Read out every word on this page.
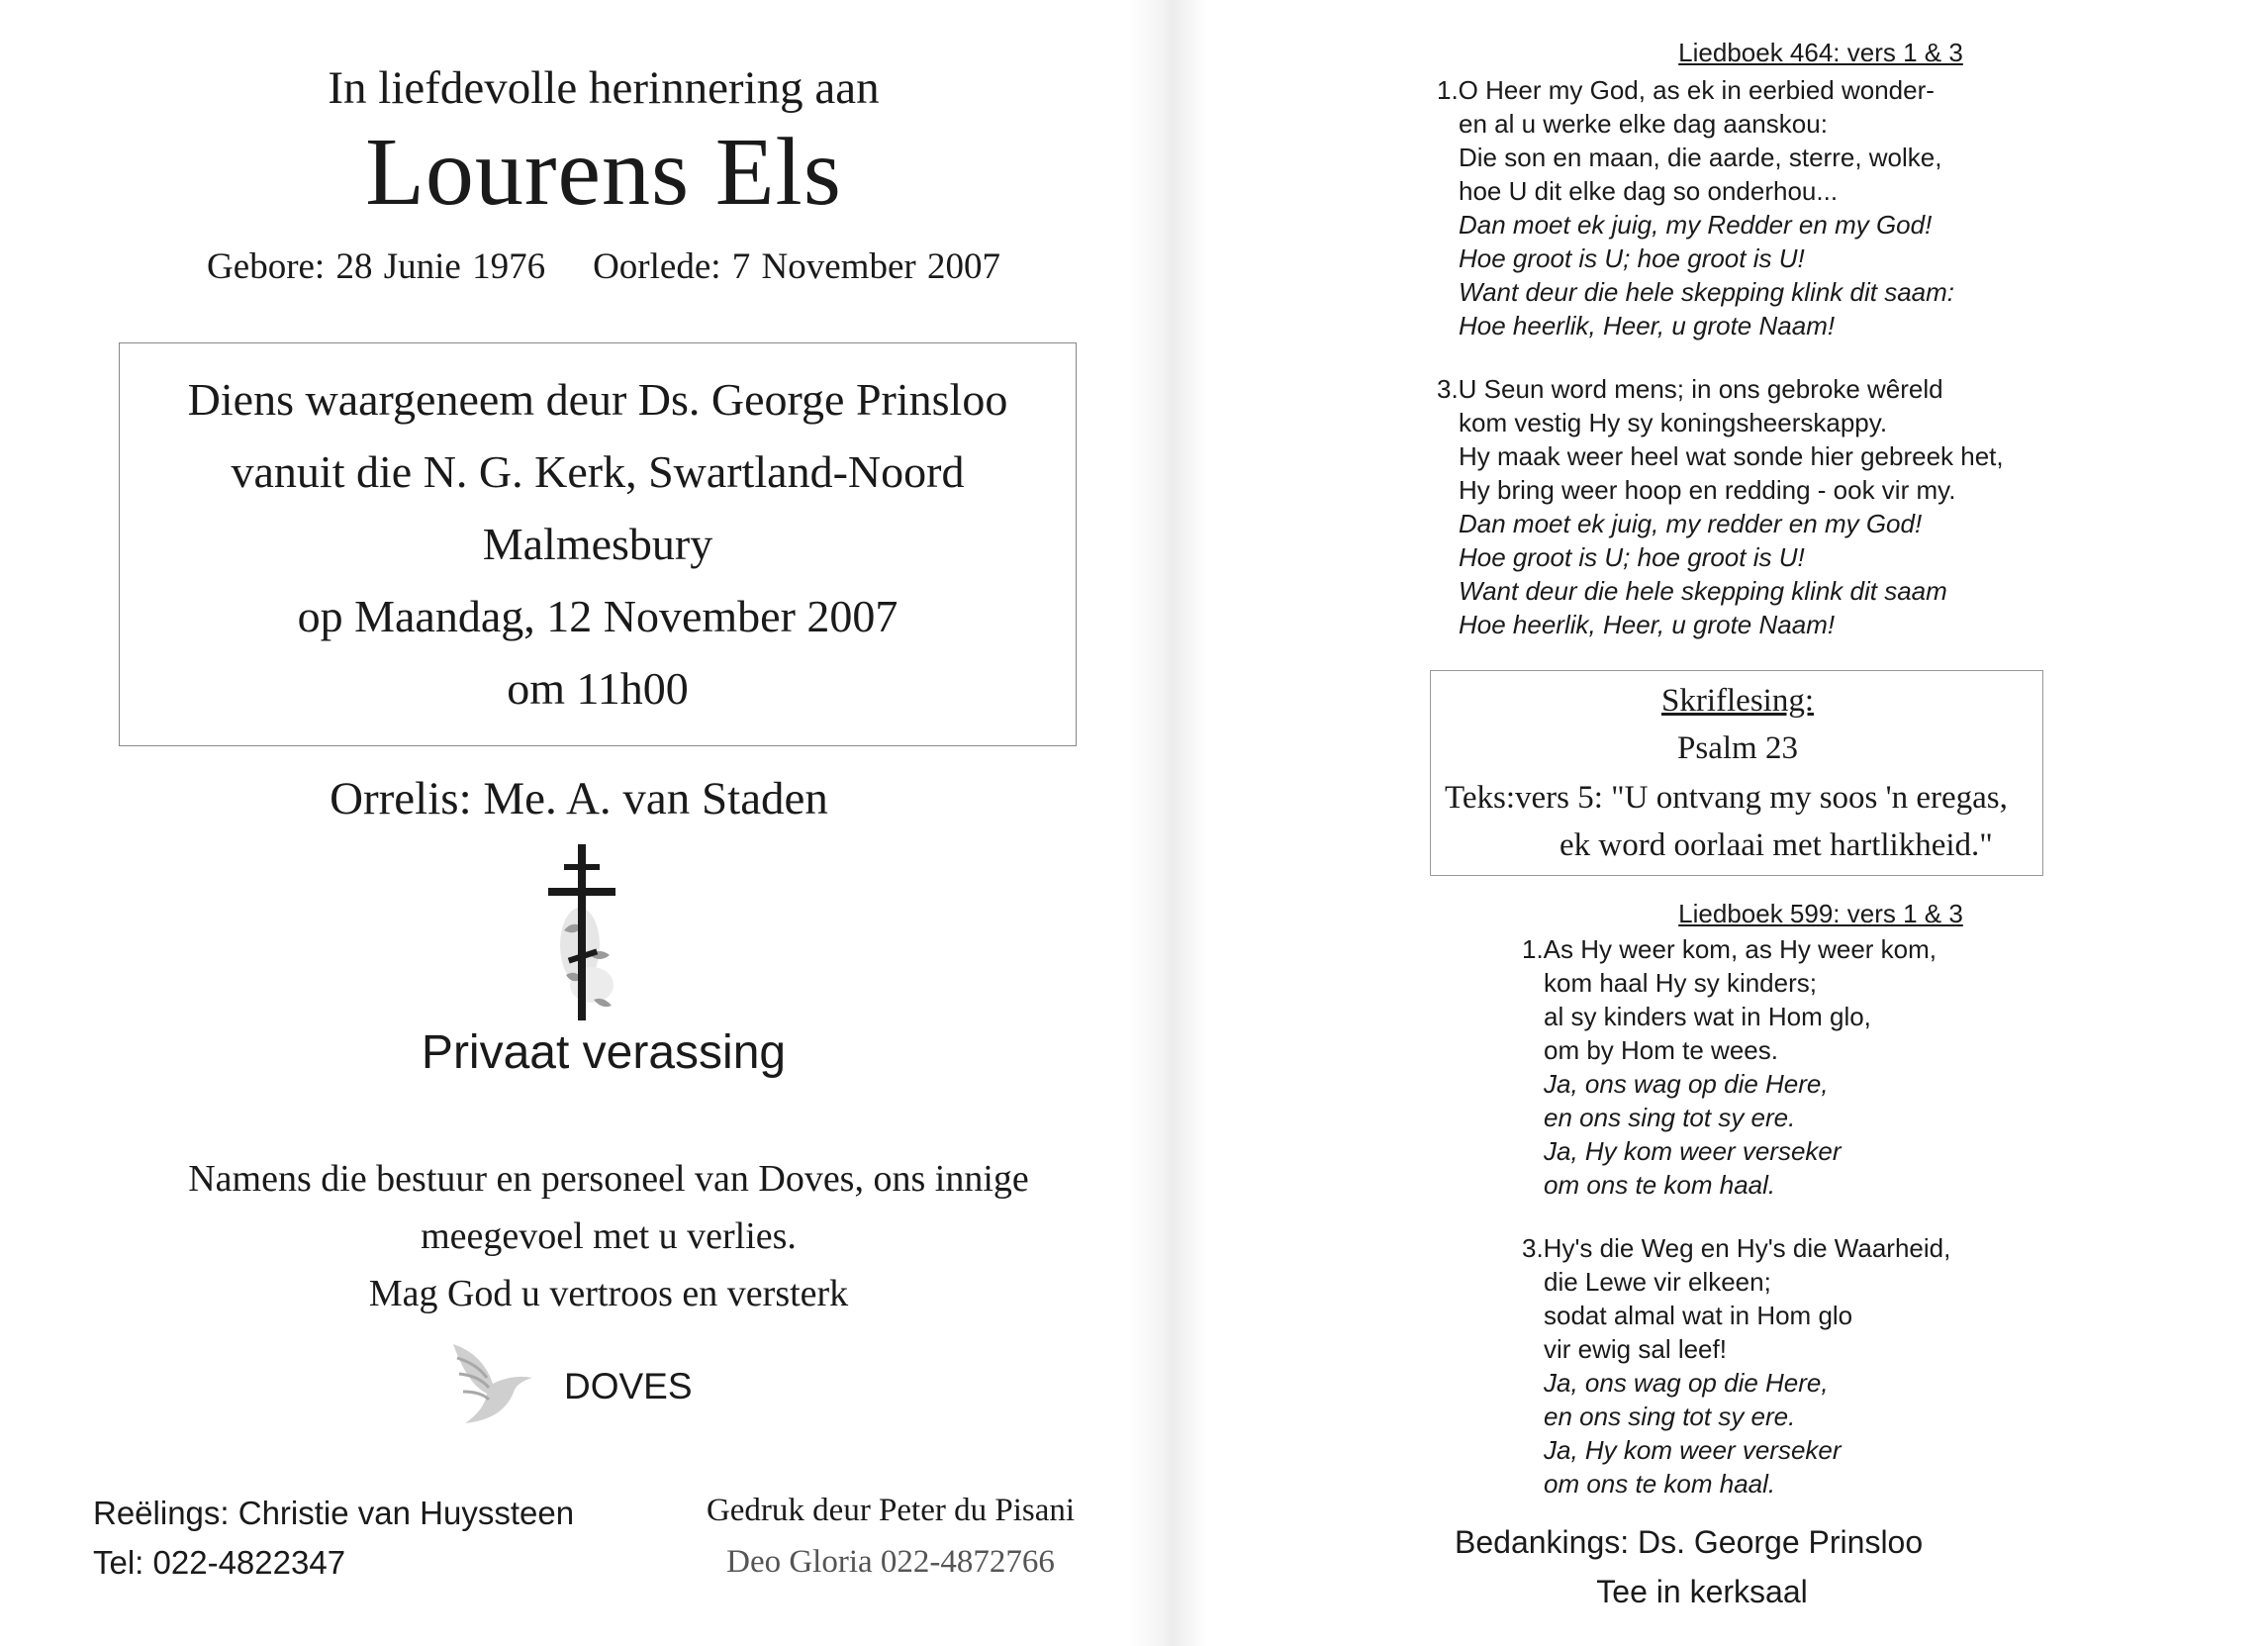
In liefdevolle herinnering aan
Lourens Els
Gebore: 28 Junie 1976 Oorlede: 7 November 2007
Diens waargeneem deur Ds. George Prinsloo
vanuit die N. G. Kerk, Swartland-Noord
Malmesbury
op Maandag, 12 November 2007
om 11h00
Orrelis: Me. A. van Staden
Privaat verassing
Namens die bestuur en personeel van Doves, ons innige
meegevoel met u verlies.
Mag God u vertroos en versterk
DOVES
Reëlings: Christie van Huyssteen
Tel: 022-4822347
Gedruk deur Peter du Pisani
Deo Gloria 022-4872766
Liedboek 464: vers 1 & 3
1.O Heer my God, as ek in eerbied wonder-
en al u werke elke dag aanskou:
Die son en maan, die aarde, sterre, wolke,
hoe U dit elke dag so onderhou...
Dan moet ek juig, my Redder en my God!
Hoe groot is U; hoe groot is U!
Want deur die hele skepping klink dit saam:
Hoe heerlik, Heer, u grote Naam!
3.U Seun word mens; in ons gebroke wêreld
kom vestig Hy sy koningsheerskappy.
Hy maak weer heel wat sonde hier gebreek het,
Hy bring weer hoop en redding - ook vir my.
Dan moet ek juig, my redder en my God!
Hoe groot is U; hoe groot is U!
Want deur die hele skepping klink dit saam
Hoe heerlik, Heer, u grote Naam!
Skriflesing:
Psalm 23
Teks:vers 5: "U ontvang my soos 'n eregas,
ek word oorlaai met hartlikheid."
Liedboek 599: vers 1 & 3
1.As Hy weer kom, as Hy weer kom,
kom haal Hy sy kinders;
al sy kinders wat in Hom glo,
om by Hom te wees.
Ja, ons wag op die Here,
en ons sing tot sy ere.
Ja, Hy kom weer verseker
om ons te kom haal.
3.Hy's die Weg en Hy's die Waarheid,
die Lewe vir elkeen;
sodat almal wat in Hom glo
vir ewig sal leef!
Ja, ons wag op die Here,
en ons sing tot sy ere.
Ja, Hy kom weer verseker
om ons te kom haal.
Bedankings: Ds. George Prinsloo
Tee in kerksaal
